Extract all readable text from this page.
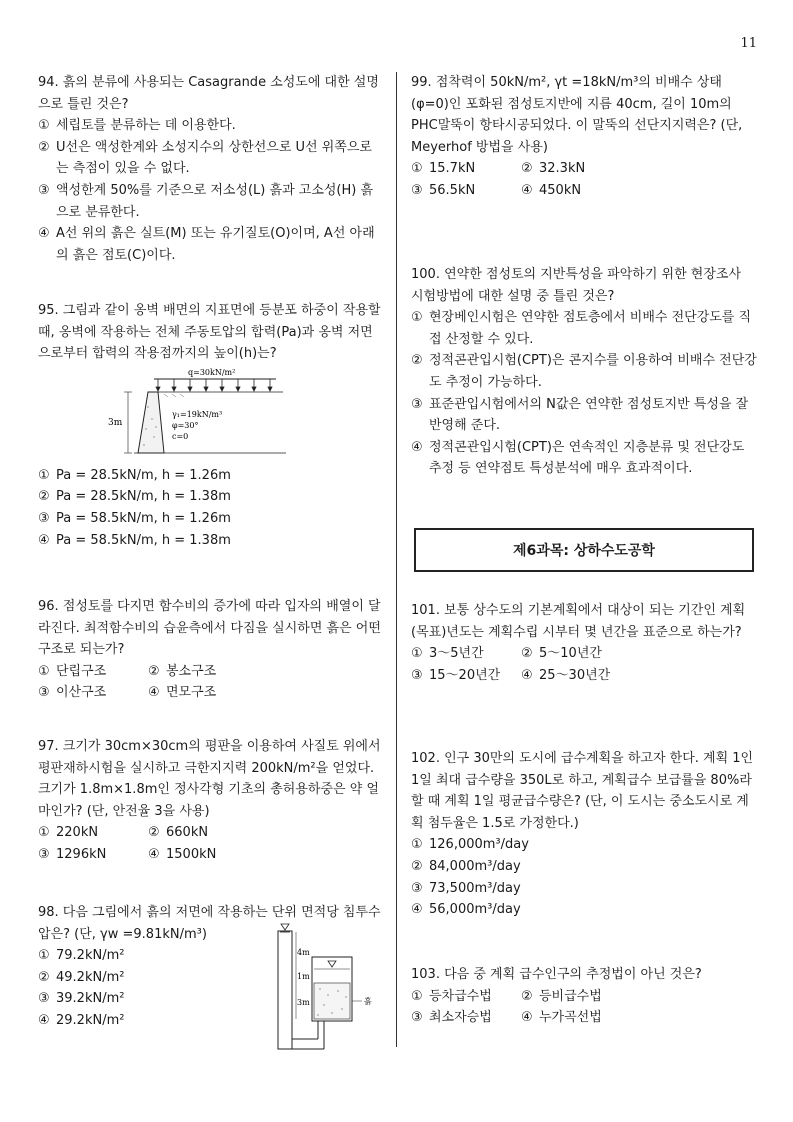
11

94. 흙의 분류에 사용되는 Casagrande 소성도에 대한 설명으로 틀린 것은?

① 세립토를 분류하는 데 이용한다.
② U선은 액성한계와 소성지수의 상한선으로 U선 위쪽으로는 측점이 있을 수 없다.
③ 액성한계 50%를 기준으로 저소성(L) 흙과 고소성(H) 흙으로 분류한다.
④ A선 위의 흙은 실트(M) 또는 유기질토(O)이며, A선 아래의 흙은 점토(C)이다.

95. 그림과 같이 옹벽 배면의 지표면에 등분포 하중이 작용할 때, 옹벽에 작용하는 전체 주동토압의 합력(Pa)과 옹벽 저면으로부터 합력의 작용점까지의 높이(h)는?

q=30kN/m²
3m
γ₁=19kN/m³
φ=30°
c=0
① Pa = 28.5kN/m, h = 1.26m
② Pa = 28.5kN/m, h = 1.38m
③ Pa = 58.5kN/m, h = 1.26m
④ Pa = 58.5kN/m, h = 1.38m

96. 점성토를 다지면 함수비의 증가에 따라 입자의 배열이 달라진다. 최적함수비의 습윤측에서 다짐을 실시하면 흙은 어떤 구조로 되는가?

① 단립구조	② 봉소구조
③ 이산구조	④ 면모구조

97. 크기가 30cm×30cm의 평판을 이용하여 사질토 위에서 평판재하시험을 실시하고 극한지지력 200kN/m²을 얻었다. 크기가 1.8m×1.8m인 정사각형 기초의 총허용하중은 약 얼마인가? (단, 안전율 3을 사용)

① 220kN	② 660kN
③ 1296kN	④ 1500kN

98. 다음 그림에서 흙의 저면에 작용하는 단위 면적당 침투수압은? (단, γw =9.81kN/m³)

① 79.2kN/m²
② 49.2kN/m²
③ 39.2kN/m²
④ 29.2kN/m²
4m
1m
3m	흙

99. 점착력이 50kN/m², γt =18kN/m³의 비배수 상태(φ=0)인 포화된 점성토지반에 지름 40cm, 길이 10m의 PHC말뚝이 항타시공되었다. 이 말뚝의 선단지지력은? (단, Meyerhof 방법을 사용)

① 15.7kN	② 32.3kN
③ 56.5kN	④ 450kN

100. 연약한 점성토의 지반특성을 파악하기 위한 현장조사 시험방법에 대한 설명 중 틀린 것은?

① 현장베인시험은 연약한 점토층에서 비배수 전단강도를 직접 산정할 수 있다.
② 정적콘관입시험(CPT)은 콘지수를 이용하여 비배수 전단강도 추정이 가능하다.
③ 표준관입시험에서의 N값은 연약한 점성토지반 특성을 잘 반영해 준다.
④ 정적콘관입시험(CPT)은 연속적인 지층분류 및 전단강도 추정 등 연약점토 특성분석에 매우 효과적이다.
제6과목: 상하수도공학

101. 보통 상수도의 기본계획에서 대상이 되는 기간인 계획(목표)년도는 계획수립 시부터 몇 년간을 표준으로 하는가?

① 3～5년간	② 5～10년간
③ 15～20년간	④ 25～30년간

102. 인구 30만의 도시에 급수계획을 하고자 한다. 계획 1인 1일 최대 급수량을 350L로 하고, 계획급수 보급률을 80%라 할 때 계획 1일 평균급수량은? (단, 이 도시는 중소도시로 계획 첨두율은 1.5로 가정한다.)

① 126,000m³/day
② 84,000m³/day
③ 73,500m³/day
④ 56,000m³/day

103. 다음 중 계획 급수인구의 추정법이 아닌 것은?

① 등차급수법	② 등비급수법
③ 최소자승법	④ 누가곡선법
